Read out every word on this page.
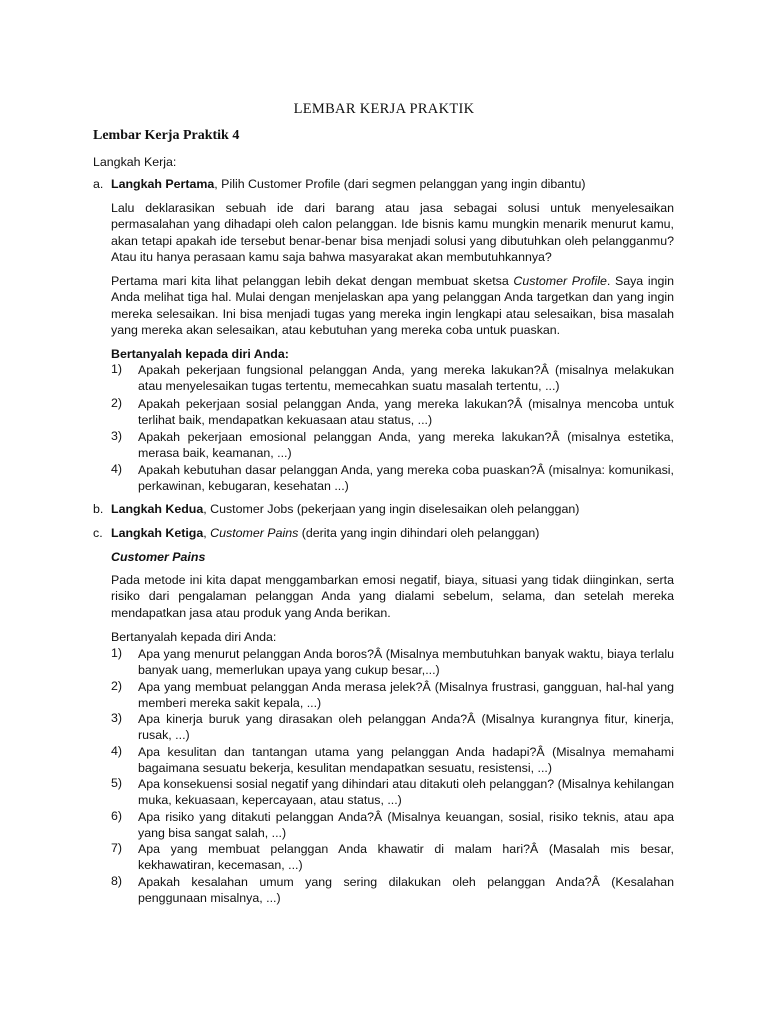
LEMBAR KERJA PRAKTIK
Lembar Kerja Praktik 4
Langkah Kerja:
a. Langkah Pertama, Pilih Customer Profile (dari segmen pelanggan yang ingin dibantu)
Lalu deklarasikan sebuah ide dari barang atau jasa sebagai solusi untuk menyelesaikan permasalahan yang dihadapi oleh calon pelanggan. Ide bisnis kamu mungkin menarik menurut kamu, akan tetapi apakah ide tersebut benar-benar bisa menjadi solusi yang dibutuhkan oleh pelangganmu? Atau itu hanya perasaan kamu saja bahwa masyarakat akan membutuhkannya?
Pertama mari kita lihat pelanggan lebih dekat dengan membuat sketsa Customer Profile. Saya ingin Anda melihat tiga hal. Mulai dengan menjelaskan apa yang pelanggan Anda targetkan dan yang ingin mereka selesaikan. Ini bisa menjadi tugas yang mereka ingin lengkapi atau selesaikan, bisa masalah yang mereka akan selesaikan, atau kebutuhan yang mereka coba untuk puaskan.
Bertanyalah kepada diri Anda:
1) Apakah pekerjaan fungsional pelanggan Anda, yang mereka lakukan?Â (misalnya melakukan atau menyelesaikan tugas tertentu, memecahkan suatu masalah tertentu, ...)
2) Apakah pekerjaan sosial pelanggan Anda, yang mereka lakukan?Â (misalnya mencoba untuk terlihat baik, mendapatkan kekuasaan atau status, ...)
3) Apakah pekerjaan emosional pelanggan Anda, yang mereka lakukan?Â (misalnya estetika, merasa baik, keamanan, ...)
4) Apakah kebutuhan dasar pelanggan Anda, yang mereka coba puaskan?Â (misalnya: komunikasi, perkawinan, kebugaran, kesehatan ...)
b. Langkah Kedua, Customer Jobs (pekerjaan yang ingin diselesaikan oleh pelanggan)
c. Langkah Ketiga, Customer Pains (derita yang ingin dihindari oleh pelanggan)
Customer Pains
Pada metode ini kita dapat menggambarkan emosi negatif, biaya, situasi yang tidak diinginkan, serta risiko dari pengalaman pelanggan Anda yang dialami sebelum, selama, dan setelah mereka mendapatkan jasa atau produk yang Anda berikan.
Bertanyalah kepada diri Anda:
1) Apa yang menurut pelanggan Anda boros?Â (Misalnya membutuhkan banyak waktu, biaya terlalu banyak uang, memerlukan upaya yang cukup besar,...)
2) Apa yang membuat pelanggan Anda merasa jelek?Â (Misalnya frustrasi, gangguan, hal-hal yang memberi mereka sakit kepala, ...)
3) Apa kinerja buruk yang dirasakan oleh pelanggan Anda?Â (Misalnya kurangnya fitur, kinerja, rusak, ...)
4) Apa kesulitan dan tantangan utama yang pelanggan Anda hadapi?Â (Misalnya memahami bagaimana sesuatu bekerja, kesulitan mendapatkan sesuatu, resistensi, ...)
5) Apa konsekuensi sosial negatif yang dihindari atau ditakuti oleh pelanggan? (Misalnya kehilangan muka, kekuasaan, kepercayaan, atau status, ...)
6) Apa risiko yang ditakuti pelanggan Anda?Â (Misalnya keuangan, sosial, risiko teknis, atau apa yang bisa sangat salah, ...)
7) Apa yang membuat pelanggan Anda khawatir di malam hari?Â (Masalah mis besar, kekhawatiran, kecemasan, ...)
8) Apakah kesalahan umum yang sering dilakukan oleh pelanggan Anda?Â (Kesalahan penggunaan misalnya, ...)
